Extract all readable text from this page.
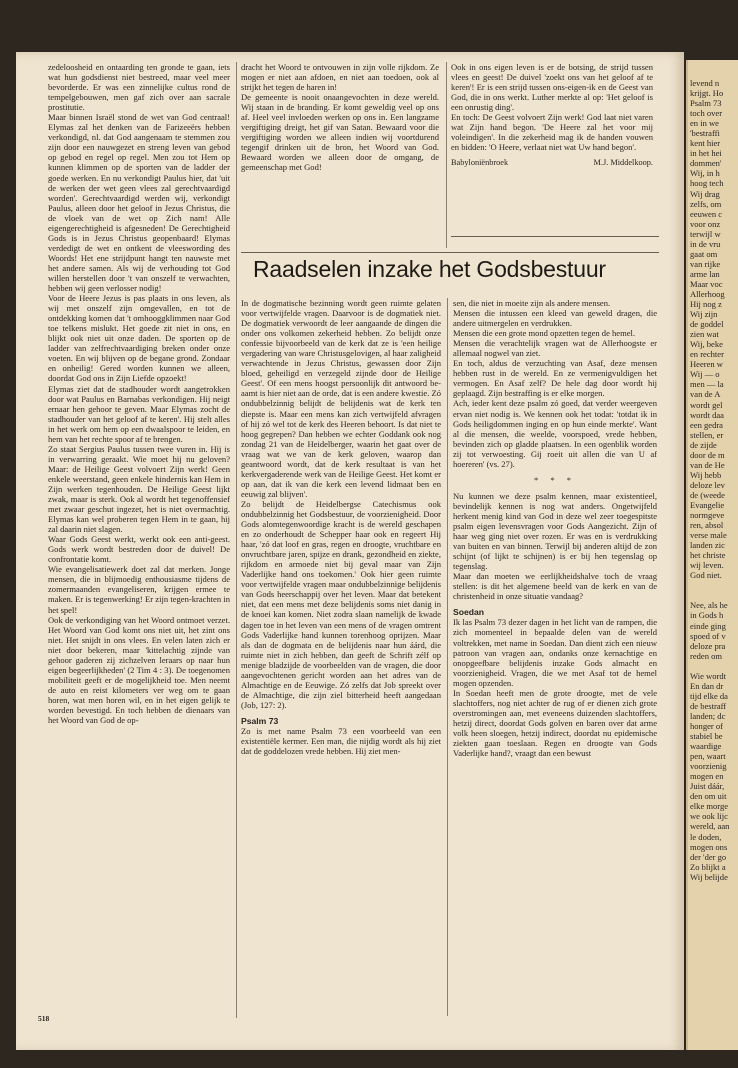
zedeloosheid en ontaarding ten gronde te gaan, iets wat hun godsdienst niet bestreed, maar veel meer bevorderde. Er was een zinnelijke cultus rond de tempelgebouwen, men gaf zich over aan sacrale prostitutie.

Maar binnen Israël stond de wet van God centraal! Elymas zal het denken van de Farizeeërs hebben verkondigd, nl. dat God aangenaam te stemmen zou zijn door een nauwgezet en streng leven van gebod op gebod en regel op regel. Men zou tot Hem op kunnen klimmen op de sporten van de ladder der goede werken. En nu verkondigt Paulus hier, dat 'uit de werken der wet geen vlees zal gerechtvaardigd worden'. Gerechtvaardigd werden wij, verkondigt Paulus, alleen door het geloof in Jezus Christus, die de vloek van de wet op Zich nam! Alle eigengerechtigheid is afgesneden! De Gerechtigheid Gods is in Jezus Christus geopenbaard! Elymas verdedigt de wet en ontkent de vleeswording des Woords! Het ene strijdpunt hangt ten nauwste met het andere samen. Als wij de verhouding tot God willen herstellen door 't van onszelf te verwachten, hebben wij geen verlosser nodig!

Voor de Heere Jezus is pas plaats in ons leven, als wij met onszelf zijn omgevallen, en tot de ontdekking komen dat 't omhooggklimmen naar God toe telkens mislukt. Het goede zit niet in ons, en blijkt ook niet uit onze daden. De sporten op de ladder van zelfrechtvaardiging breken onder onze voeten. En wij blijven op de begane grond. Zondaar en onheilig! Gered worden kunnen we alleen, doordat God ons in Zijn Liefde opzoekt!

Elymas ziet dat de stadhouder wordt aangetrokken door wat Paulus en Barnabas verkondigen. Hij neigt ernaar hen gehoor te geven. Maar Elymas zocht de stadhouder van het geloof af te keren'. Hij stelt alles in het werk om hem op een dwaalspoor te leiden, en hem van het rechte spoor af te brengen.

Zo staat Sergius Paulus tussen twee vuren in. Hij is in verwarring geraakt. Wie moet hij nu geloven? Maar: de Heilige Geest volvoert Zijn werk! Geen enkele weerstand, geen enkele hindernis kan Hem in Zijn werken tegenhouden. De Heilige Geest lijkt zwak, maar is sterk. Ook al wordt het tegenoffensief met zwaar geschut ingezet, het is niet overmachtig. Elymas kan wel proberen tegen Hem in te gaan, hij zal daarin niet slagen.

Waar Gods Geest werkt, werkt ook een anti-geest. Gods werk wordt bestreden door de duivel! De confrontatie komt.

Wie evangelisatiewerk doet zal dat merken. Jonge mensen, die in blijmoedig enthousiasme tijdens de zomermaanden evangeliseren, krijgen ermee te maken. Er is tegenwerking! Er zijn tegen-krachten in het spel!

Ook de verkondiging van het Woord ontmoet verzet. Het Woord van God komt ons niet uit, het zint ons niet. Het snijdt in ons vlees. En velen laten zich er niet door bekeren, maar 'kittelachtig zijnde van gehoor gaderen zij zichzelven leraars op naar hun eigen begeerlijkheden' (2 Tim 4 : 3). De toegenomen mobiliteit geeft er de mogelijkheid toe. Men neemt de auto en reist kilometers ver weg om te gaan horen, wat men horen wil, en in het eigen gelijk te worden bevestigd. En toch hebben de dienaars van het Woord van God de op-

dracht het Woord te ontvouwen in zijn volle rijkdom. Ze mogen er niet aan afdoen, en niet aan toedoen, ook al strijkt het tegen de haren in!

De gemeente is nooit onaangevochten in deze wereld. Wij staan in de branding. Er komt geweldig veel op ons af. Heel veel invloeden werken op ons in. Een langzame vergiftiging dreigt, het gif van Satan. Bewaard voor die vergiftiging worden we alleen indien wij voortdurend tegengif drinken uit de bron, het Woord van God. Bewaard worden we alleen door de omgang, de gemeenschap met God!

Ook in ons eigen leven is er de botsing, de strijd tussen vlees en geest! De duivel 'zoekt ons van het geloof af te keren'! Er is een strijd tussen ons-eigen-ik en de Geest van God, die in ons werkt. Luther merkte al op: 'Het geloof is een onrustig ding'.

En toch: De Geest volvoert Zijn werk! God laat niet varen wat Zijn hand begon. 'De Heere zal het voor mij voleindigen'. In die zekerheid mag ik de handen vouwen en bidden: 'O Heere, verlaat niet wat Uw hand begon'.

Babyloniënbroek	M.J. Middelkoop.
Raadselen inzake het Godsbestuur

In de dogmatische bezinning wordt geen ruimte gelaten voor vertwijfelde vragen. Daarvoor is de dogmatiek niet. De dogmatiek verwoordt de leer aangaande de dingen die onder ons volkomen zekerheid hebben. Zo belijdt onze confessie bijvoorbeeld van de kerk dat ze is 'een heilige vergadering van ware Christusgelovigen, al haar zaligheid verwachtende in Jezus Christus, gewassen door Zijn bloed, geheiligd en verzegeld zijnde door de Heilige Geest'. Of een mens hoogst persoonlijk dit antwoord be-aamt is hier niet aan de orde, dat is een andere kwestie. Zó ondubbelzinnig belijdt de belijdenis wat de kerk ten diepste is. Maar een mens kan zich vertwijfeld afvragen of hij zó wel tot de kerk des Heeren behoort. Is dat niet te hoog gegrepen? Dan hebben we echter Goddank ook nog zondag 21 van de Heidelberger, waarin het gaat over de vraag wat we van de kerk geloven, waarop dan geantwoord wordt, dat de kerk resultaat is van het kerkvergaderende werk van de Heilige Geest. Het komt er op aan, dat ik van die kerk een levend lidmaat ben en eeuwig zal blijven'.

Zo belijdt de Heidelbergse Catechismus ook ondubbelzinnig het Godsbestuur, de voorzienigheid. Door Gods alomtegenwoordige kracht is de wereld geschapen en zo onderhoudt de Schepper haar ook en regeert Hij haar, 'zó dat loof en gras, regen en droogte, vruchtbare en onvruchtbare jaren, spijze en drank, gezondheid en ziekte, rijkdom en armoede niet bij geval maar van Zijn Vaderlijke hand ons toekomen.' Ook hier geen ruimte voor vertwijfelde vragen maar ondubbelzinnige belijdenis van Gods heerschappij over het leven. Maar dat betekent niet, dat een mens met deze belijdenis soms niet danig in de knoei kan komen. Niet zodra slaan namelijk de kwade dagen toe in het leven van een mens of de vragen omtrent Gods Vaderlijke hand kunnen torenhoog oprijzen. Maar als dan de dogmata en de belijdenis naar hun áárd, die ruimte niet in zich hebben, dan geeft de Schrift zélf op menige bladzijde de voorbeelden van de vragen, die door aangevochtenen gericht worden aan het adres van de Almachtige en de Eeuwige. Zó zelfs dat Job spreekt over de Almachtige, die zijn ziel bitterheid heeft aangedaan (Job, 127: 2).

Psalm 73

Zo is met name Psalm 73 een voorbeeld van een existentiële kermer. Een man, die nijdig wordt als hij ziet dat de goddelozen vrede hebben. Hij ziet men-

sen, die niet in moeite zijn als andere mensen.

Mensen die intussen een kleed van geweld dragen, die andere uitmergelen en verdrukken.

Mensen die een grote mond opzetten tegen de hemel.

Mensen die verachtelijk vragen wat de Allerhoogste er allemaal nogwel van ziet.

En toch, aldus de verzuchting van Asaf, deze mensen hebben rust in de wereld. En ze vermenigvuldigen het vermogen. En Asaf zelf? De hele dag door wordt hij geplaagd. Zijn bestraffing is er elke morgen.

Ach, ieder kent deze psalm zó goed, dat verder weergeven ervan niet nodig is. We kennen ook het todat: 'totdat ik in Gods heiligdommen inging en op hun einde merkte'. Want al die mensen, die weelde, voorspoed, vrede hebben, bevinden zich op gladde plaatsen. In een ogenblik worden zij tot verwoesting. Gij roeit uit allen die van U af hoereren' (vs. 27).

* * *

Nu kunnen we deze psalm kennen, maar existentieel, bevindelijk kennen is nog wat anders. Ongetwijfeld herkent menig kind van God in deze wel zeer toegespitste psalm eigen levensvragen voor Gods Aangezicht. Zijn of haar weg ging niet over rozen. Er was en is verdrukking van buiten en van binnen. Terwijl bij anderen altijd de zon schijnt (of lijkt te schijnen) is er bij hen tegenslag op tegenslag.

Maar dan moeten we eerlijkheidshalve toch de vraag stellen: is dit het algemene beeld van de kerk en van de christenheid in onze situatie vandaag?

Soedan

Ik las Psalm 73 dezer dagen in het licht van de rampen, die zich momenteel in bepaalde delen van de wereld voltrekken, met name in Soedan. Dan dient zich een nieuw patroon van vragen aan, ondanks onze kernachtige en onopgeefbare belijdenis inzake Gods almacht en voorzienigheid. Vragen, die we met Asaf tot de hemel mogen opzenden.

In Soedan heeft men de grote droogte, met de vele slachtoffers, nog niet achter de rug of er dienen zich grote overstromingen aan, met eveneens duizenden slachtoffers, hetzij direct, doordat Gods golven en baren over dat arme volk heen sloegen, hetzij indirect, doordat nu epidemische ziekten gaan toeslaan. Regen en droogte van Gods Vaderlijke hand?, vraagt dan een bewust

levend n
krijgt. Ho
Psalm 73
toch over
en in we
'bestraffi
kent hier
in het hei
dommen'
Wij, in h
hoog tech
Wij drag
zelfs, om
eeuwen c
voor onz
terwijl w
in de vru
gaat om
van rijke
arme lan
Maar voc
Allerhoog
Hij nog z
Wij zijn
de goddel
zien wat
Wij, beke
en rechter
Heeren w
Wij — o
men — la
van de A
wordt gel
wordt daa
een gedra
stellen, er
de zijde
door de m
van de He
Wij hebb
deloze lev
de (weede
Evangelie
normgeve
ren, absol
verse male
landen zic
het christe
wij leven.
God niet.
Nee, als he
in Gods h
einde ging
spoed of v
deloze pra
reden om
Wie wordt
En dan dr
tijd elke da
de bestraff
landen; dc
honger of
stabiel be
waardige
pen, waart
voorzienig
mogen en
Juist dáár,
den om uit
elke morge
we ook lijc
wereld, aan
le doden,
mogen ons
der 'der go
Zo blijkt a
Wij belijde
518
